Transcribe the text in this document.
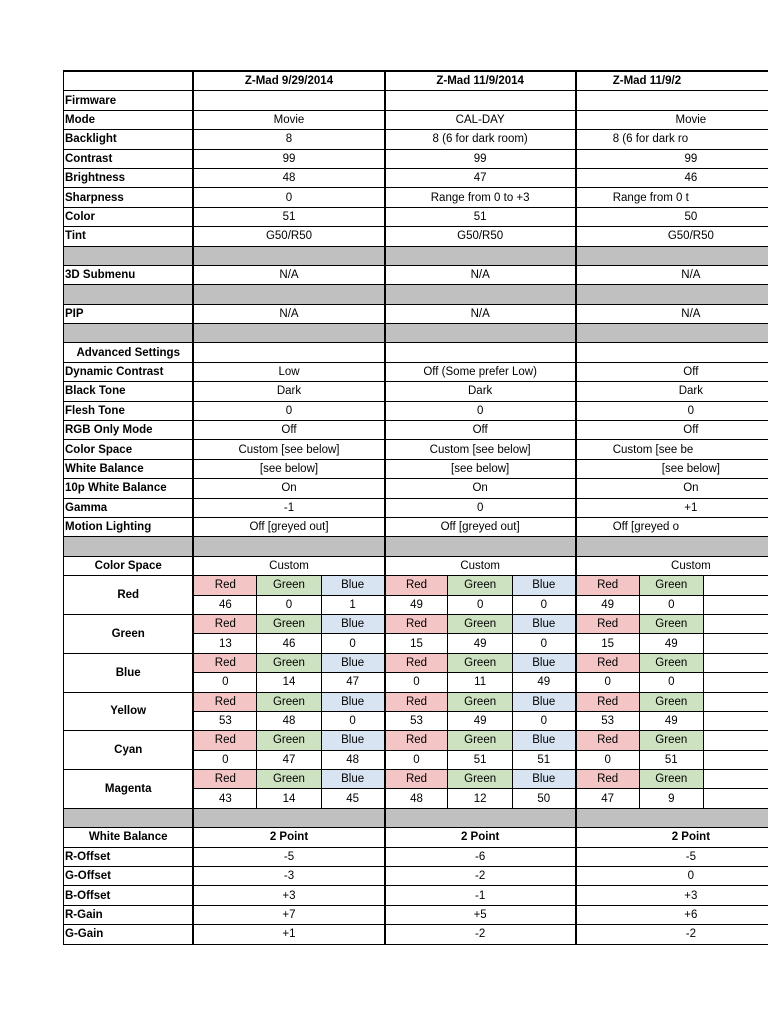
	Z-Mad 9/29/2014			Z-Mad 11/9/2014			Z-Mad 11/9/2		
Firmware									
Mode	Movie			CAL-DAY			Movie		
Backlight	8			8 (6 for dark room)			8 (6 for dark ro		
Contrast	99			99			99		
Brightness	48			47			46		
Sharpness	0			Range from 0 to +3			Range from 0 t		
Color	51			51			50		
Tint	G50/R50			G50/R50			G50/R50		

3D Submenu	N/A			N/A			N/A		

PIP	N/A			N/A			N/A		

Advanced Settings									
Dynamic Contrast	Low			Off (Some prefer Low)			Off		
Black Tone	Dark			Dark			Dark		
Flesh Tone	0			0			0		
RGB Only Mode	Off			Off			Off		
Color Space	Custom [see below]			Custom [see below]			Custom [see be		
White Balance	[see below]			[see below]			[see below]		
10p White Balance	On			On			On		
Gamma	-1			0			+1		
Motion Lighting	Off [greyed out]			Off [greyed out]			Off [greyed o		

Color Space	Custom			Custom			Custom		
Red	Red	Green	Blue	Red	Green	Blue	Red	Green	
	46	0	1	49	0	0	49	0	
Green	Red	Green	Blue	Red	Green	Blue	Red	Green	
	13	46	0	15	49	0	15	49	
Blue	Red	Green	Blue	Red	Green	Blue	Red	Green	
	0	14	47	0	11	49	0	0	
Yellow	Red	Green	Blue	Red	Green	Blue	Red	Green	
	53	48	0	53	49	0	53	49	
Cyan	Red	Green	Blue	Red	Green	Blue	Red	Green	
	0	47	48	0	51	51	0	51	
Magenta	Red	Green	Blue	Red	Green	Blue	Red	Green	
	43	14	45	48	12	50	47	9	

White Balance	2 Point			2 Point			2 Point		
R-Offset	-5			-6			-5		
G-Offset	-3			-2			0		
B-Offset	+3			-1			+3		
R-Gain	+7			+5			+6		
G-Gain	+1			-2			-2		
